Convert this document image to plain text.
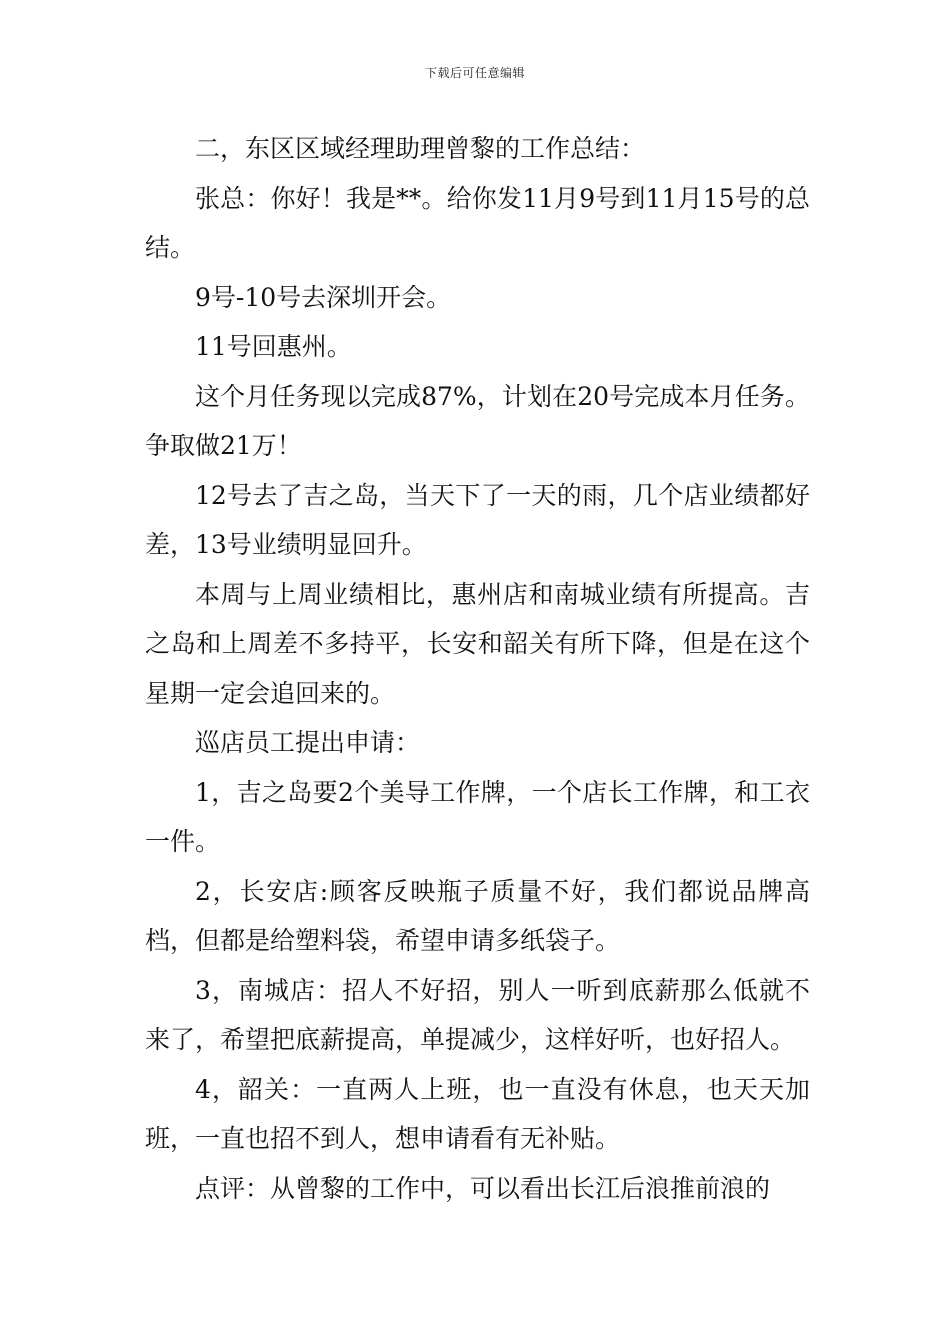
下载后可任意编辑

二，东区区域经理助理曾黎的工作总结：

张总：你好！我是**。给你发11月9号到11月15号的总结。

9号-10号去深圳开会。

11号回惠州。

这个月任务现以完成87%，计划在20号完成本月任务。争取做21万！

12号去了吉之岛，当天下了一天的雨，几个店业绩都好差，13号业绩明显回升。

本周与上周业绩相比，惠州店和南城业绩有所提高。吉之岛和上周差不多持平，长安和韶关有所下降，但是在这个星期一定会追回来的。

巡店员工提出申请：

1，吉之岛要2个美导工作牌，一个店长工作牌，和工衣一件。

2，长安店:顾客反映瓶子质量不好，我们都说品牌高档，但都是给塑料袋，希望申请多纸袋子。

3，南城店：招人不好招，别人一听到底薪那么低就不来了，希望把底薪提高，单提减少，这样好听，也好招人。

4，韶关：一直两人上班，也一直没有休息，也天天加班，一直也招不到人，想申请看有无补贴。

点评：从曾黎的工作中，可以看出长江后浪推前浪的
